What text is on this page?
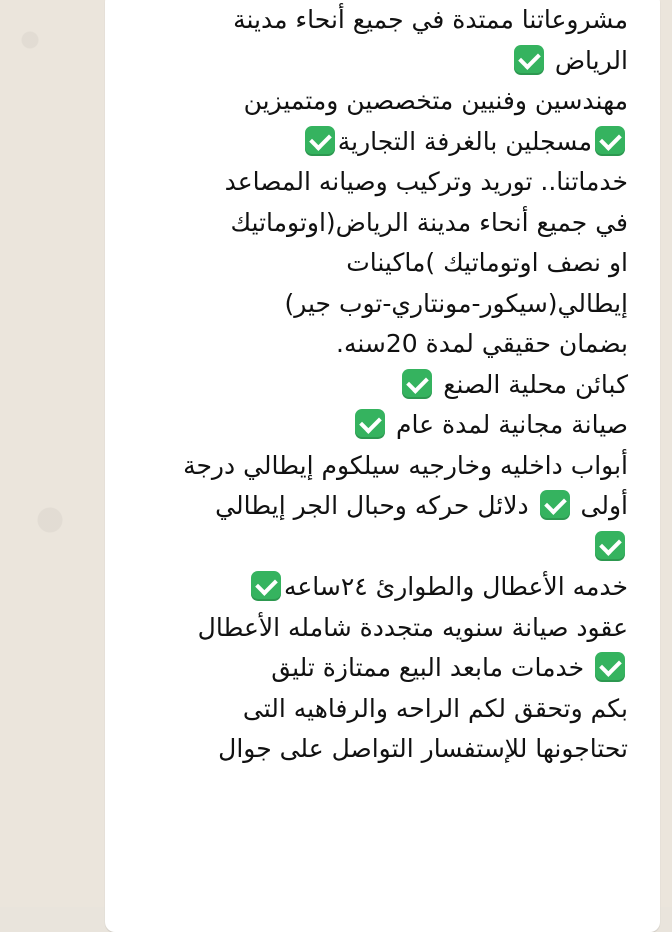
مشروعاتنا ممتدة في جميع أنحاء مدينة
الرياض
مهندسين وفنيين متخصصين ومتميزين
مسجلين بالغرفة التجارية
خدماتنا.. توريد وتركيب وصيانه المصاعد
في جميع أنحاء مدينة الرياض(اوتوماتيك
او نصف اوتوماتيك )ماكينات
إيطالي(سيكور-مونتاري-توب جير)
بضمان حقيقي لمدة 20سنه.
كبائن محلية الصنع
صيانة مجانية لمدة عام
أبواب داخليه وخارجيه سيلكوم إيطالي درجة
أولى  دلائل حركه وحبال الجر إيطالي
خدمه الأعطال والطوارئ ٢٤ساعه
عقود صيانة سنويه متجددة شامله الأعطال
خدمات مابعد البيع ممتازة تليق
بكم وتحقق لكم الراحه والرفاهيه التى
تحتاجونها للإستفسار التواصل على جوال
